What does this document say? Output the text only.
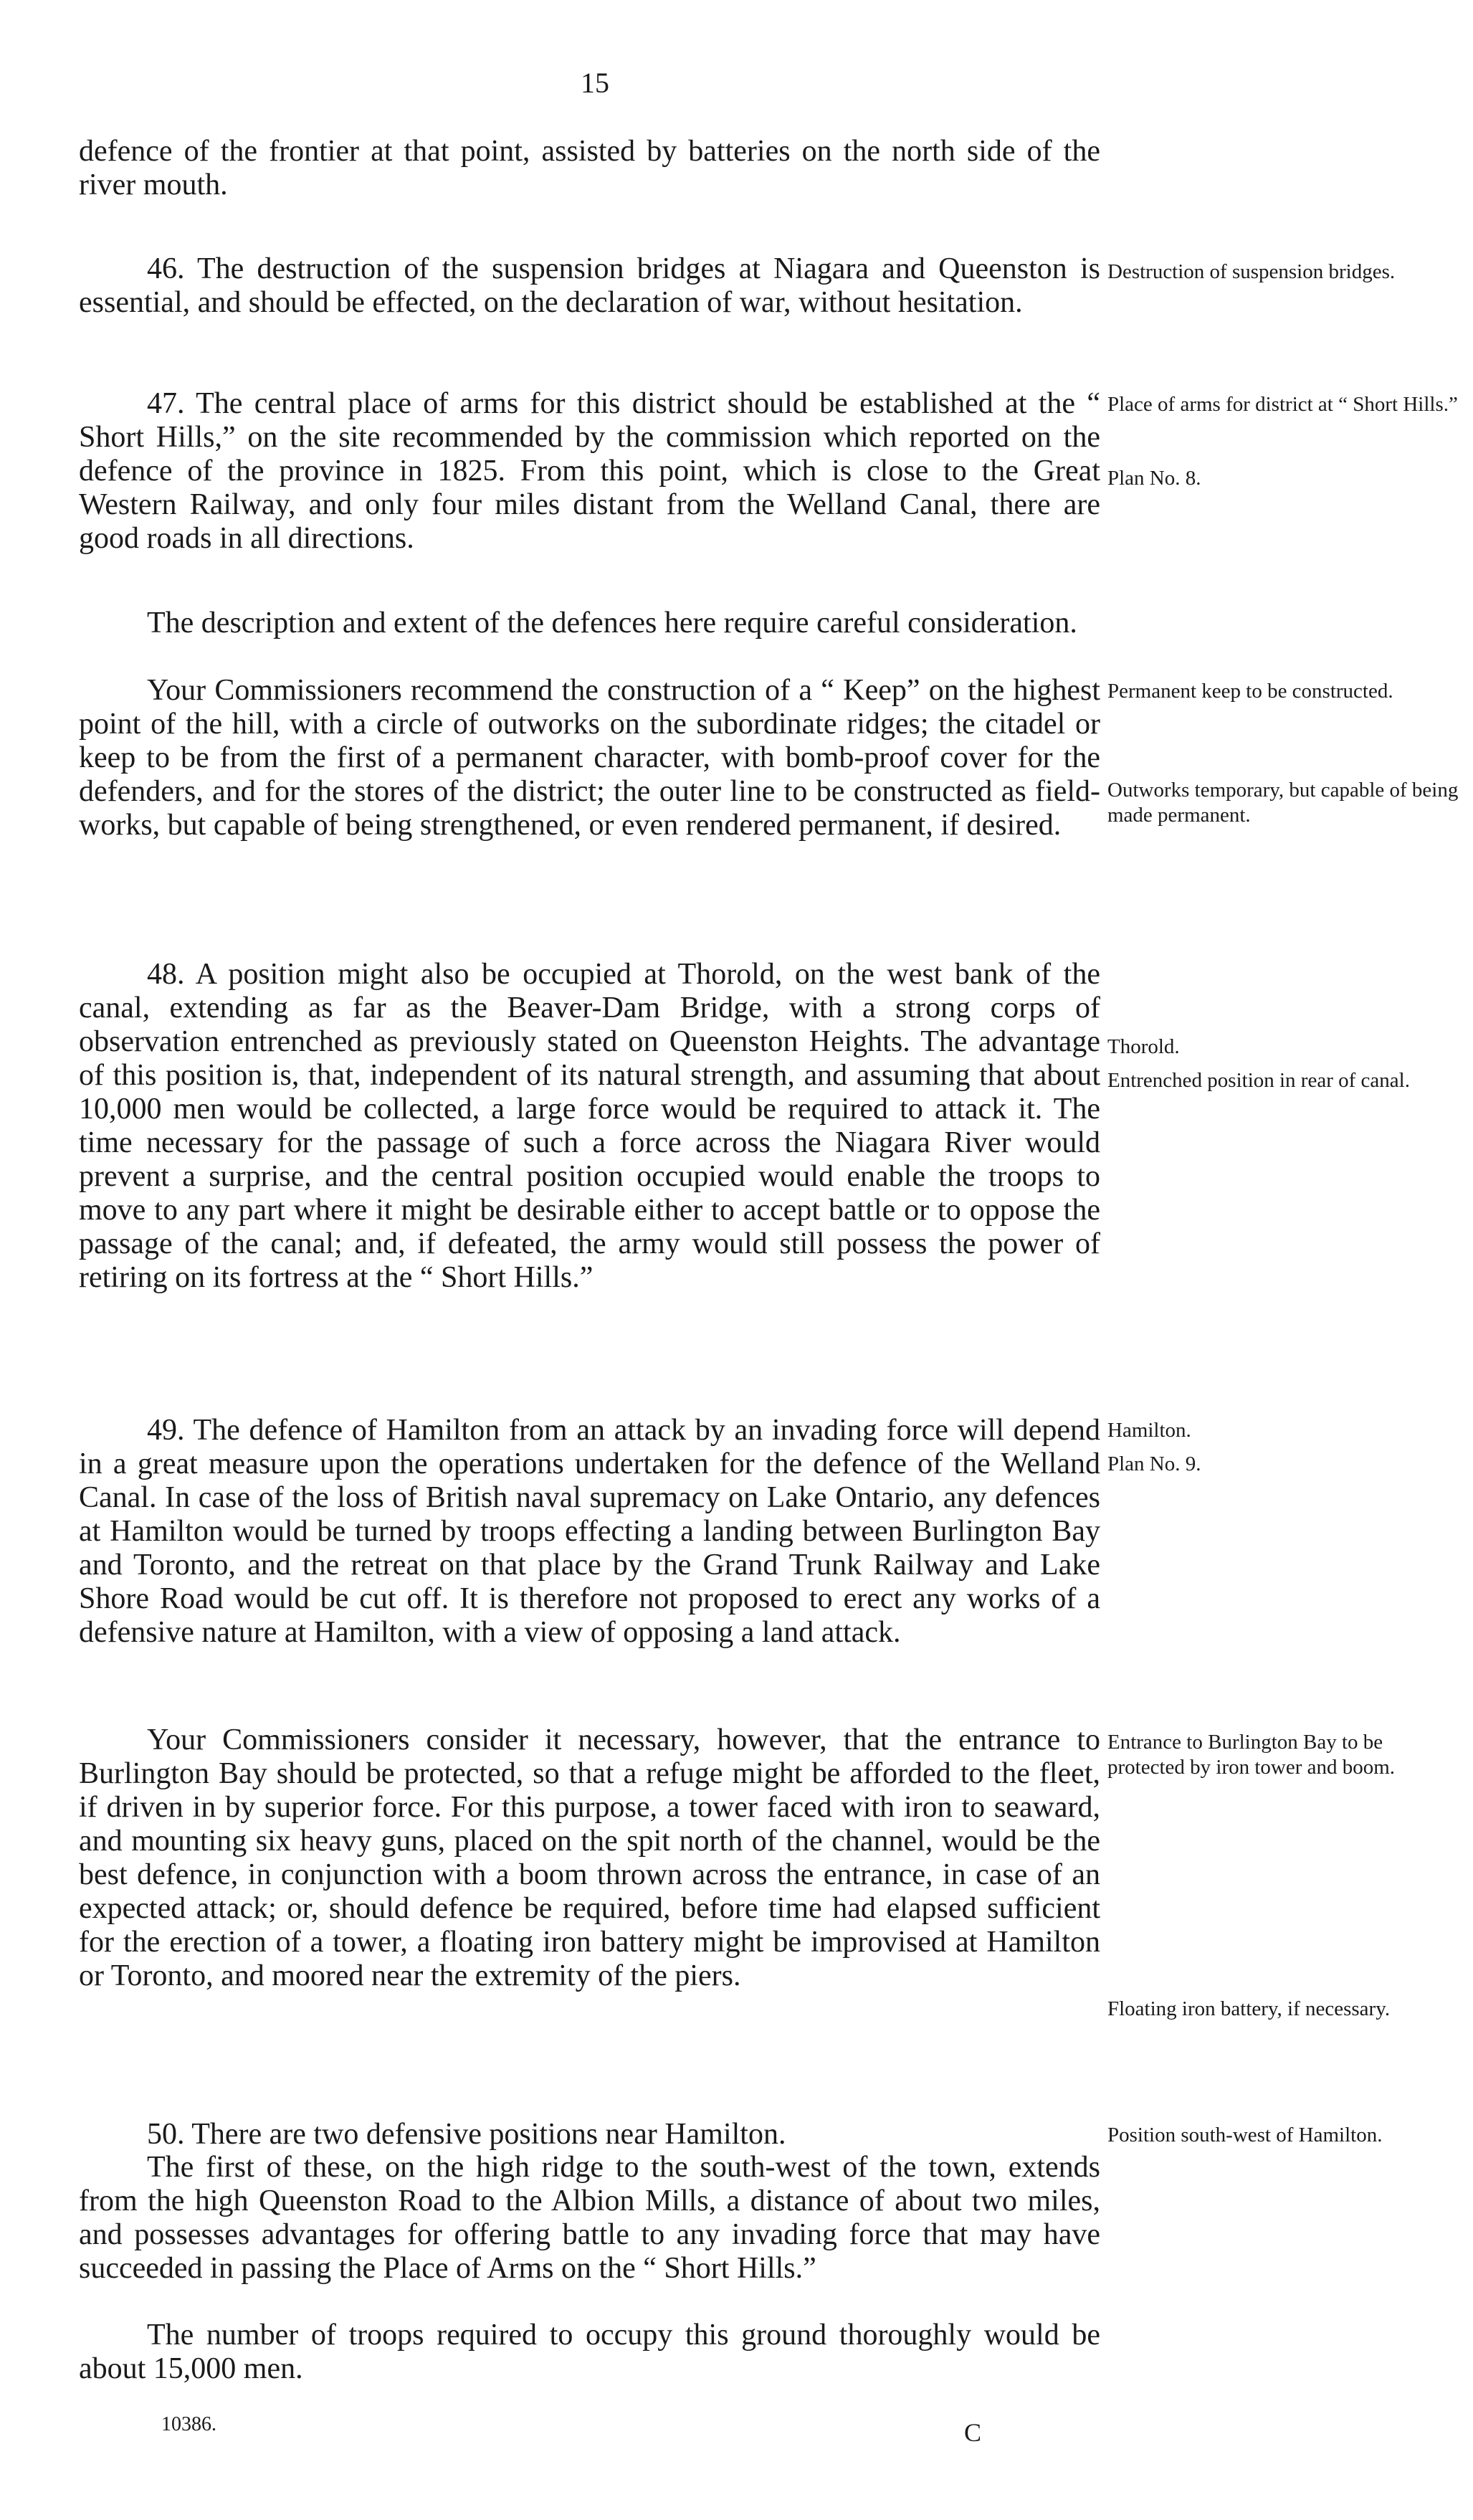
15

defence of the frontier at that point, assisted by batteries on the north side of the river mouth.

46. The destruction of the suspension bridges at Niagara and Queenston is essential, and should be effected, on the declaration of war, without hesitation.

Destruction of suspension bridges.

47. The central place of arms for this district should be established at the “ Short Hills,” on the site recommended by the commission which reported on the defence of the province in 1825. From this point, which is close to the Great Western Railway, and only four miles distant from the Welland Canal, there are good roads in all directions.

Place of arms for district at “ Short Hills.”
Plan No. 8.

The description and extent of the defences here require careful consideration.

Your Commissioners recommend the construction of a “ Keep” on the highest point of the hill, with a circle of outworks on the subordinate ridges; the citadel or keep to be from the first of a permanent character, with bomb-proof cover for the defenders, and for the stores of the district; the outer line to be constructed as field-works, but capable of being strengthened, or even rendered permanent, if desired.

Permanent keep to be constructed.
Outworks temporary, but capable of being made permanent.

48. A position might also be occupied at Thorold, on the west bank of the canal, extending as far as the Beaver-Dam Bridge, with a strong corps of observation entrenched as previously stated on Queenston Heights. The advantage of this position is, that, independent of its natural strength, and assuming that about 10,000 men would be collected, a large force would be required to attack it. The time necessary for the passage of such a force across the Niagara River would prevent a surprise, and the central position occupied would enable the troops to move to any part where it might be desirable either to accept battle or to oppose the passage of the canal; and, if defeated, the army would still possess the power of retiring on its fortress at the “ Short Hills.”

Thorold.
Entrenched position in rear of canal.

49. The defence of Hamilton from an attack by an invading force will depend in a great measure upon the operations undertaken for the defence of the Welland Canal. In case of the loss of British naval supremacy on Lake Ontario, any defences at Hamilton would be turned by troops effecting a landing between Burlington Bay and Toronto, and the retreat on that place by the Grand Trunk Railway and Lake Shore Road would be cut off. It is therefore not proposed to erect any works of a defensive nature at Hamilton, with a view of opposing a land attack.

Hamilton.
Plan No. 9.

Your Commissioners consider it necessary, however, that the entrance to Burlington Bay should be protected, so that a refuge might be afforded to the fleet, if driven in by superior force. For this purpose, a tower faced with iron to seaward, and mounting six heavy guns, placed on the spit north of the channel, would be the best defence, in conjunction with a boom thrown across the entrance, in case of an expected attack; or, should defence be required, before time had elapsed sufficient for the erection of a tower, a floating iron battery might be improvised at Hamilton or Toronto, and moored near the extremity of the piers.

Entrance to Burlington Bay to be protected by iron tower and boom.
Floating iron battery, if necessary.

50. There are two defensive positions near Hamilton.	Position south-west of Hamilton.

The first of these, on the high ridge to the south-west of the town, extends from the high Queenston Road to the Albion Mills, a distance of about two miles, and possesses advantages for offering battle to any invading force that may have succeeded in passing the Place of Arms on the “ Short Hills.”

The number of troops required to occupy this ground thoroughly would be about 15,000 men.

10386.	C
